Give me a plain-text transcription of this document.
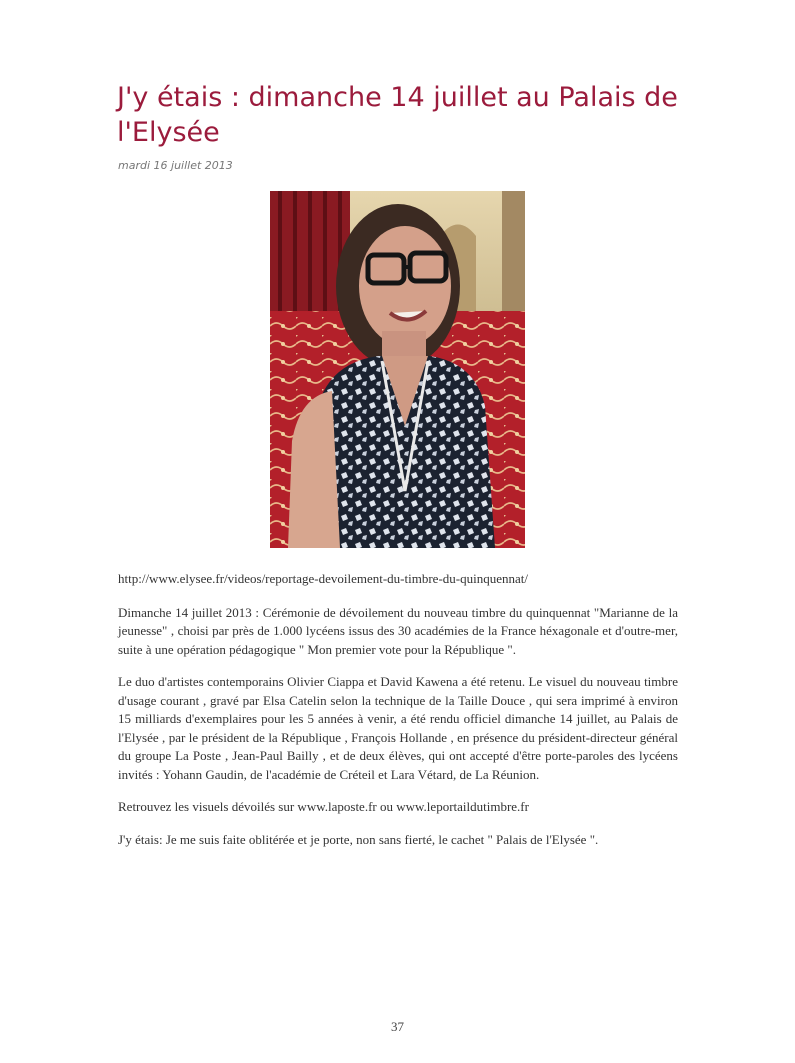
J'y étais : dimanche 14 juillet au Palais de l'Elysée
mardi 16 juillet 2013

http://www.elysee.fr/videos/reportage-devoilement-du-timbre-du-quinquennat/

Dimanche 14 juillet 2013 : Cérémonie de dévoilement du nouveau timbre du quinquennat "Marianne de la jeunesse" , choisi par près de 1.000 lycéens issus des 30 académies de la France héxagonale et d'outre-mer, suite à une opération pédagogique " Mon premier vote pour la République ".

Le duo d'artistes contemporains Olivier Ciappa et David Kawena a été retenu. Le visuel du nouveau timbre d'usage courant , gravé par Elsa Catelin selon la technique de la Taille Douce , qui sera imprimé à environ 15 milliards d'exemplaires pour les 5 années à venir, a été rendu officiel dimanche 14 juillet, au Palais de l'Elysée , par le président de la République , François Hollande , en présence du président-directeur général du groupe La Poste , Jean-Paul Bailly , et de deux élèves, qui ont accepté d'être porte-paroles des lycéens invités : Yohann Gaudin, de l'académie de Créteil et Lara Vétard, de La Réunion.

Retrouvez les visuels dévoilés sur www.laposte.fr ou www.leportaildutimbre.fr

J'y étais: Je me suis faite oblitérée et je porte, non sans fierté, le cachet " Palais de l'Elysée ".

37
